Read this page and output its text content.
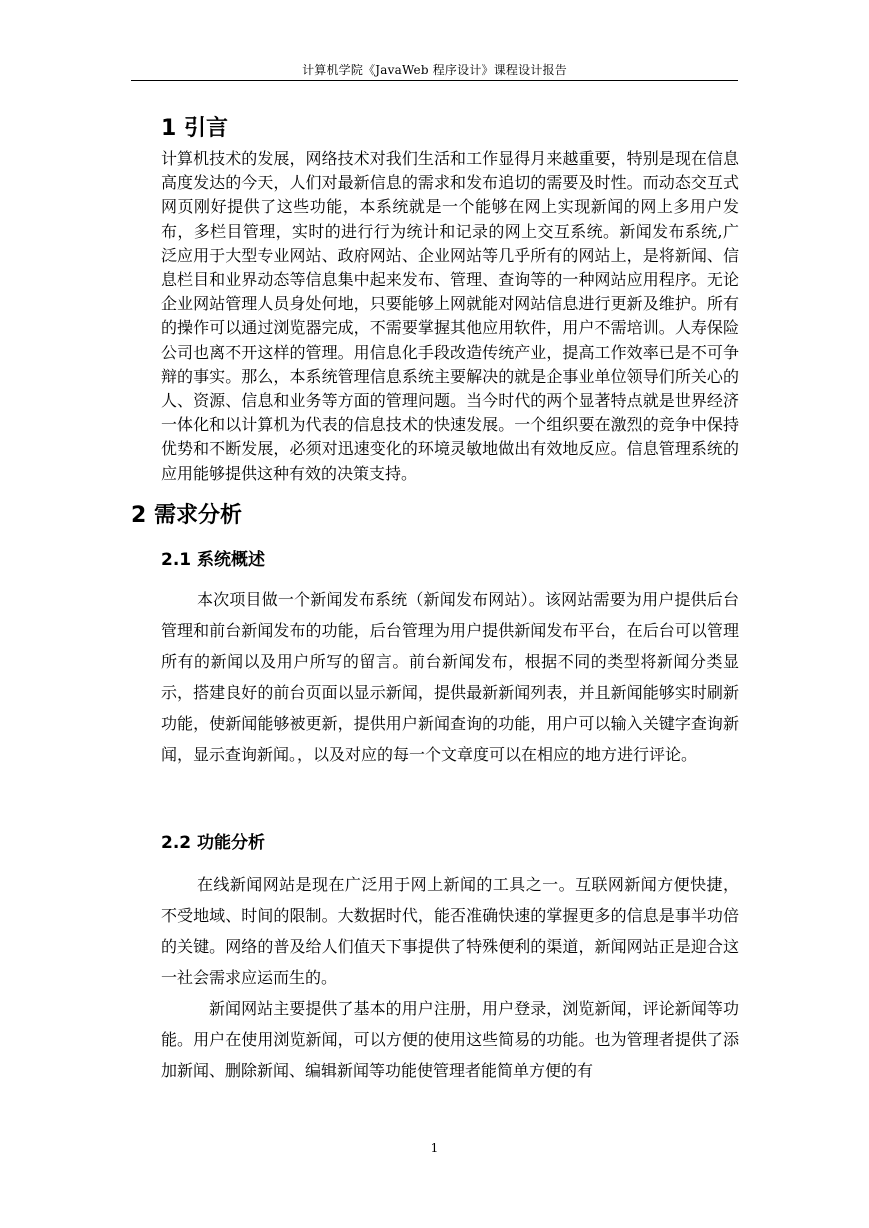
计算机学院《JavaWeb 程序设计》课程设计报告
1 引言

计算机技术的发展，网络技术对我们生活和工作显得月来越重要，特别是现在信息高度发达的今天，人们对最新信息的需求和发布追切的需要及时性。而动态交互式网页刚好提供了这些功能，本系统就是一个能够在网上实现新闻的网上多用户发布，多栏目管理，实时的进行行为统计和记录的网上交互系统。新闻发布系统,广泛应用于大型专业网站、政府网站、企业网站等几乎所有的网站上，是将新闻、信息栏目和业界动态等信息集中起来发布、管理、查询等的一种网站应用程序。无论企业网站管理人员身处何地，只要能够上网就能对网站信息进行更新及维护。所有的操作可以通过浏览器完成，不需要掌握其他应用软件，用户不需培训。人寿保险公司也离不开这样的管理。用信息化手段改造传统产业，提高工作效率已是不可争辩的事实。那么，本系统管理信息系统主要解决的就是企事业单位领导们所关心的人、资源、信息和业务等方面的管理问题。当今时代的两个显著特点就是世界经济一体化和以计算机为代表的信息技术的快速发展。一个组织要在激烈的竞争中保持优势和不断发展，必须对迅速变化的环境灵敏地做出有效地反应。信息管理系统的应用能够提供这种有效的决策支持。

2 需求分析
2.1 系统概述

本次项目做一个新闻发布系统（新闻发布网站）。该网站需要为用户提供后台管理和前台新闻发布的功能，后台管理为用户提供新闻发布平台，在后台可以管理所有的新闻以及用户所写的留言。前台新闻发布，根据不同的类型将新闻分类显示，搭建良好的前台页面以显示新闻，提供最新新闻列表，并且新闻能够实时刷新功能，使新闻能够被更新，提供用户新闻查询的功能，用户可以输入关键字查询新闻，显示查询新闻。，以及对应的每一个文章度可以在相应的地方进行评论。

2.2 功能分析

在线新闻网站是现在广泛用于网上新闻的工具之一。互联网新闻方便快捷，不受地域、时间的限制。大数据时代，能否准确快速的掌握更多的信息是事半功倍的关键。网络的普及给人们值天下事提供了特殊便利的渠道，新闻网站正是迎合这一社会需求应运而生的。

新闻网站主要提供了基本的用户注册，用户登录，浏览新闻，评论新闻等功能。用户在使用浏览新闻，可以方便的使用这些简易的功能。也为管理者提供了添加新闻、删除新闻、编辑新闻等功能使管理者能简单方便的有

1
